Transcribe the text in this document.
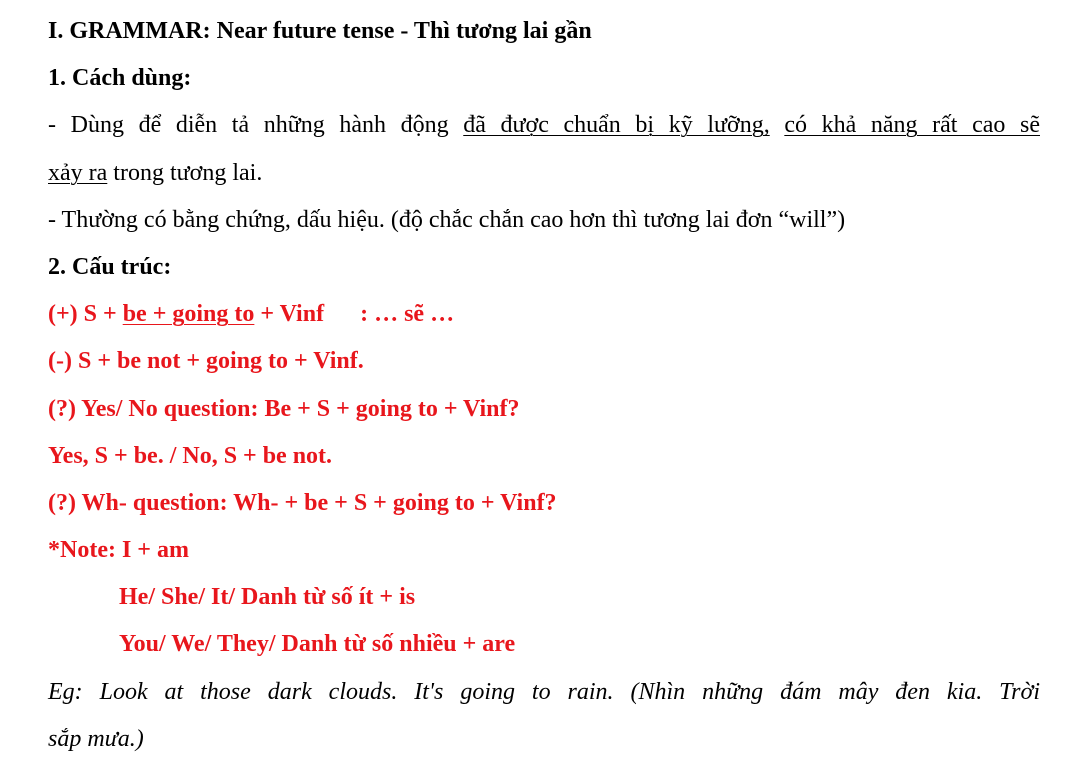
I. GRAMMAR: Near future tense - Thì tương lai gần
1. Cách dùng:
- Dùng để diễn tả những hành động đã được chuẩn bị kỹ lưỡng, có khả năng rất cao sẽ
xảy ra trong tương lai.
- Thường có bằng chứng, dấu hiệu. (độ chắc chắn cao hơn thì tương lai đơn “will”)
2. Cấu trúc:
(+) S + be + going to + Vinf : … sẽ …
(-) S + be not + going to + Vinf.
(?) Yes/ No question: Be + S + going to + Vinf?
Yes, S + be. / No, S + be not.
(?) Wh- question: Wh- + be + S + going to + Vinf?
*Note: I + am
He/ She/ It/ Danh từ số ít + is
You/ We/ They/ Danh từ số nhiều + are
Eg: Look at those dark clouds. It's going to rain. (Nhìn những đám mây đen kia. Trời
sắp mưa.)
